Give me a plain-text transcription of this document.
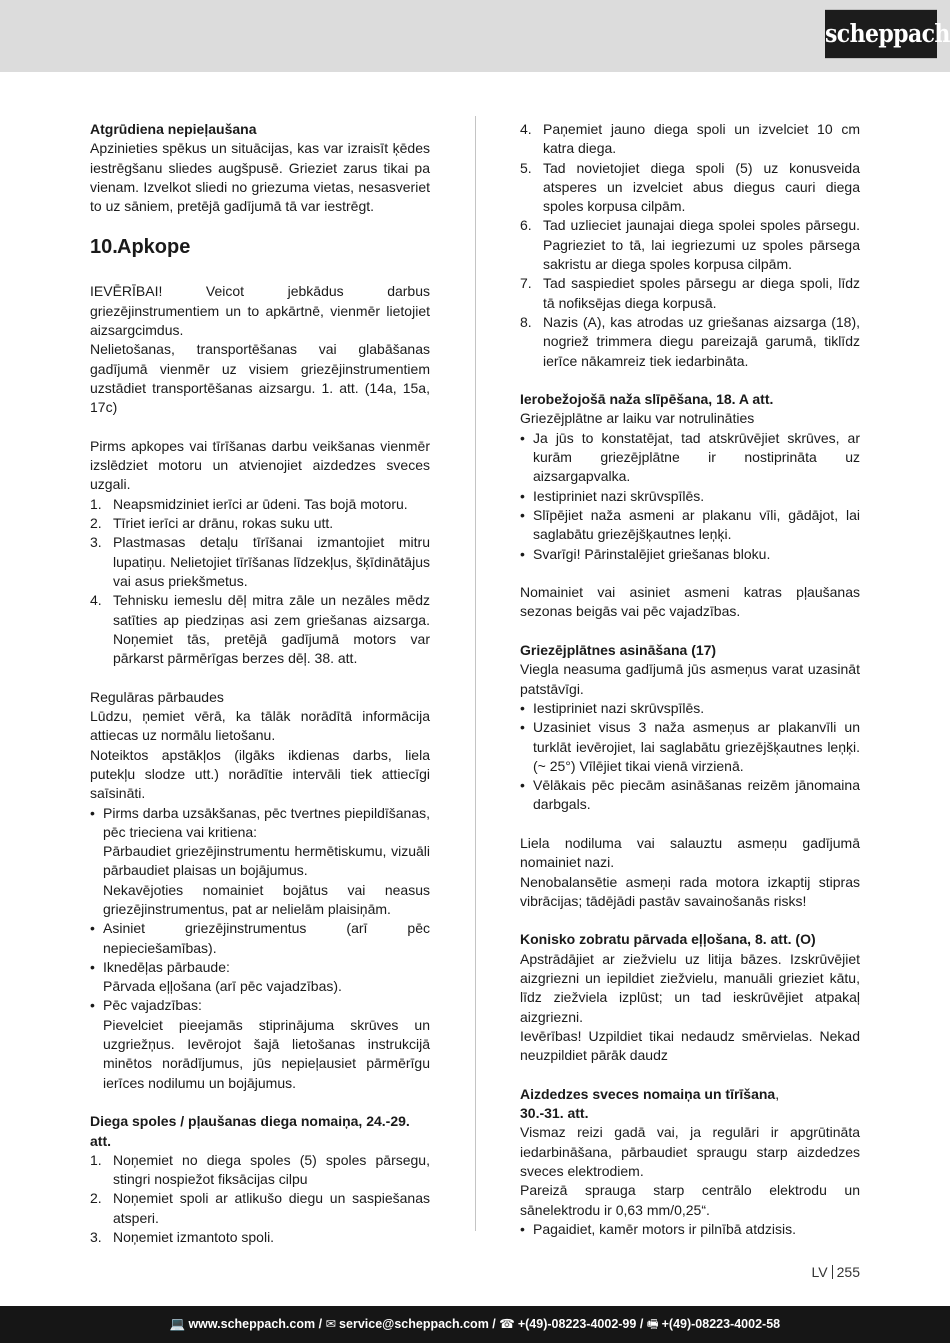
scheppach

Atgrūdiena nepieļaušana

Apzinieties spēkus un situācijas, kas var izraisīt ķēdes iestrēgšanu sliedes augšpusē. Grieziet zarus tikai pa vienam. Izvelkot sliedi no griezuma vietas, nesasveriet to uz sāniem, pretējā gadījumā tā var iestrēgt.

10.Apkope

IEVĒRĪBAI! Veicot jebkādus darbus griezējinstrumentiem un to apkārtnē, vienmēr lietojiet aizsargcimdus.

Nelietošanas, transportēšanas vai glabāšanas gadījumā vienmēr uz visiem griezējinstrumentiem uzstādiet transportēšanas aizsargu. 1. att. (14a, 15a, 17c)

Pirms apkopes vai tīrīšanas darbu veikšanas vienmēr izslēdziet motoru un atvienojiet aizdedzes sveces uzgali.

1. Neapsmidziniet ierīci ar ūdeni. Tas bojā motoru.
2. Tīriet ierīci ar drānu, rokas suku utt.
3. Plastmasas detaļu tīrīšanai izmantojiet mitru lupatiņu. Nelietojiet tīrīšanas līdzekļus, šķīdinātājus vai asus priekšmetus.
4. Tehnisku iemeslu dēļ mitra zāle un nezāles mēdz satīties ap piedziņas asi zem griešanas aizsarga. Noņemiet tās, pretējā gadījumā motors var pārkarst pārmērīgas berzes dēļ. 38. att.

Regulāras pārbaudes

Lūdzu, ņemiet vērā, ka tālāk norādītā informācija attiecas uz normālu lietošanu.

Noteiktos apstākļos (ilgāks ikdienas darbs, liela putekļu slodze utt.) norādītie intervāli tiek attiecīgi saīsināti.

• Pirms darba uzsākšanas, pēc tvertnes piepildīšanas, pēc trieciena vai kritiena:
Pārbaudiet griezējinstrumentu hermētiskumu, vizuāli pārbaudiet plaisas un bojājumus.
Nekavējoties nomainiet bojātus vai neasus griezējinstrumentus, pat ar nelielām plaisiņām.
• Asiniet griezējinstrumentus (arī pēc nepieciešamības).
• Iknedēļas pārbaude:
Pārvada eļļošana (arī pēc vajadzības).
• Pēc vajadzības:
Pievelciet pieejamās stiprinājuma skrūves un uzgriežņus. Ievērojot šajā lietošanas instrukcijā minētos norādījumus, jūs nepieļausiet pārmērīgu ierīces nodilumu un bojājumus.

Diega spoles / pļaušanas diega nomaiņa, 24.-29. att.

1. Noņemiet no diega spoles (5) spoles pārsegu, stingri nospiežot fiksācijas cilpu
2. Noņemiet spoli ar atlikušo diegu un saspiešanas atsperi.
3. Noņemiet izmantoto spoli.
4. Paņemiet jauno diega spoli un izvelciet 10 cm katra diega.
5. Tad novietojiet diega spoli (5) uz konusveida atsperes un izvelciet abus diegus cauri diega spoles korpusa cilpām.
6. Tad uzlieciet jaunajai diega spolei spoles pārsegu. Pagrieziet to tā, lai iegriezumi uz spoles pārsega sakristu ar diega spoles korpusa cilpām.
7. Tad saspiediet spoles pārsegu ar diega spoli, līdz tā nofiksējas diega korpusā.
8. Nazis (A), kas atrodas uz griešanas aizsarga (18), nogriež trimmera diegu pareizajā garumā, tiklīdz ierīce nākamreiz tiek iedarbināta.

Ierobežojošā naža slīpēšana, 18. A att.

Griezējplātne ar laiku var notrulināties

• Ja jūs to konstatējat, tad atskrūvējiet skrūves, ar kurām griezējplātne ir nostiprināta uz aizsargapvalka.
• Iestipriniet nazi skrūvspīlēs.
• Slīpējiet naža asmeni ar plakanu vīli, gādājot, lai saglabātu griezējšķautnes leņķi.
• Svarīgi! Pārinstalējiet griešanas bloku.

Nomainiet vai asiniet asmeni katras pļaušanas sezonas beigās vai pēc vajadzības.

Griezējplātnes asināšana (17)

Viegla neasuma gadījumā jūs asmeņus varat uzasināt patstāvīgi.

• Iestipriniet nazi skrūvspīlēs.
• Uzasiniet visus 3 naža asmeņus ar plakanvīli un turklāt ievērojiet, lai saglabātu griezējšķautnes leņķi. (~ 25°) Vīlējiet tikai vienā virzienā.
• Vēlākais pēc piecām asināšanas reizēm jānomaina darbgals.

Liela nodiluma vai salauztu asmeņu gadījumā nomainiet nazi.

Nenobalansētie asmeņi rada motora izkaptij stipras vibrācijas; tādējādi pastāv savainošanās risks!

Konisko zobratu pārvada eļļošana, 8. att. (O)

Apstrādājiet ar ziežvielu uz litija bāzes. Izskrūvējiet aizgriezni un iepildiet ziežvielu, manuāli grieziet kātu, līdz ziežviela izplūst; un tad ieskrūvējiet atpakaļ aizgriezni.

Ievērības! Uzpildiet tikai nedaudz smērvielas. Nekad neuzpildiet pārāk daudz

Aizdedzes sveces nomaiņa un tīrīšana,
30.-31. att.

Vismaz reizi gadā vai, ja regulāri ir apgrūtināta iedarbināšana, pārbaudiet spraugu starp aizdedzes sveces elektrodiem.

Pareizā sprauga starp centrālo elektrodu un sānelektrodu ir 0,63 mm/0,25“.

• Pagaidiet, kamēr motors ir pilnībā atdzisis.
LV 255
💻 www.scheppach.com / ✉ service@scheppach.com / ☎ +(49)-08223-4002-99 / 🖷 +(49)-08223-4002-58
